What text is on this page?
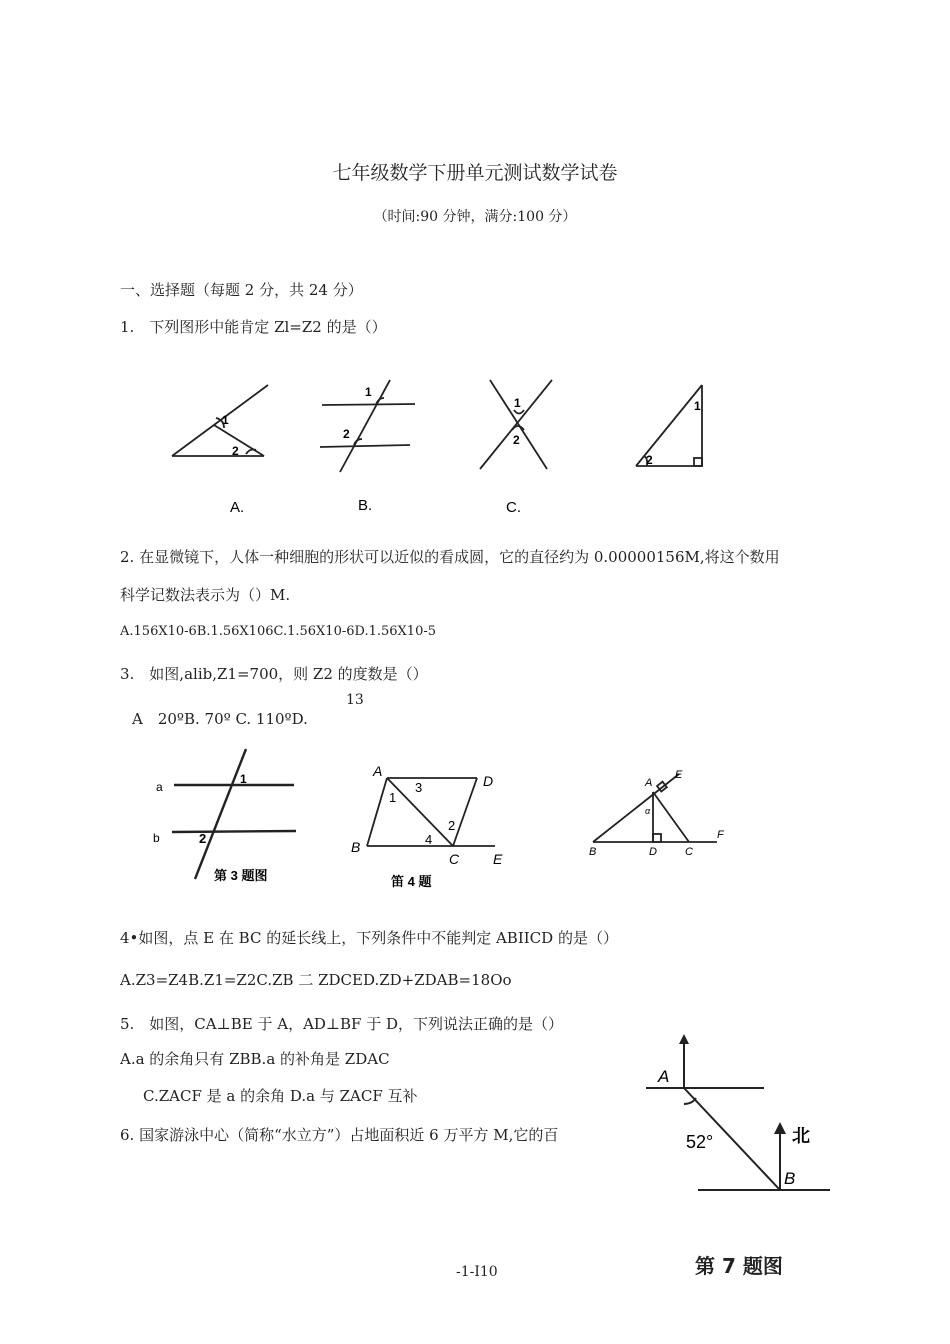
七年级数学下册单元测试数学试卷
（时间:90 分钟，满分:100 分）
一、选择题（每题 2 分，共 24 分）
1.　下列图形中能肯定 Zl=Z2 的是（）
1
2
1
2
1
2
1
2
A.	B.	C.
2. 在显微镜下，人体一种细胞的形状可以近似的看成圆，它的直径约为 0.00000156M,将这个数用
科学记数法表示为（）M.
A.156X10-6B.1.56X106C.1.56X10-6D.1.56X10-5
3.　如图,alib,Z1=700，则 Z2 的度数是（）
13
A　20ºB. 70º C. 110ºD.
a
b
1
2
第 3 题图
A
D
B
C E
1
3
2
4
笛 4 题
A
E
α
B	D	C
F
4•如图，点 E 在 BC 的延长线上，下列条件中不能判定 ABIICD 的是（）
A.Z3=Z4B.Z1=Z2C.ZB 二 ZDCED.ZD+ZDAB=18Oo
5.　如图，CA⊥BE 于 A，AD⊥BF 于 D，下列说法正确的是（）
A.a 的余角只有 ZBB.a 的补角是 ZDAC
C.ZACF 是 a 的余角 D.a 与 ZACF 互补
6. 国家游泳中心（简称“水立方”）占地面积近 6 万平方 M,它的百
A
B
52°	北
第 7 题图
-1-I10
